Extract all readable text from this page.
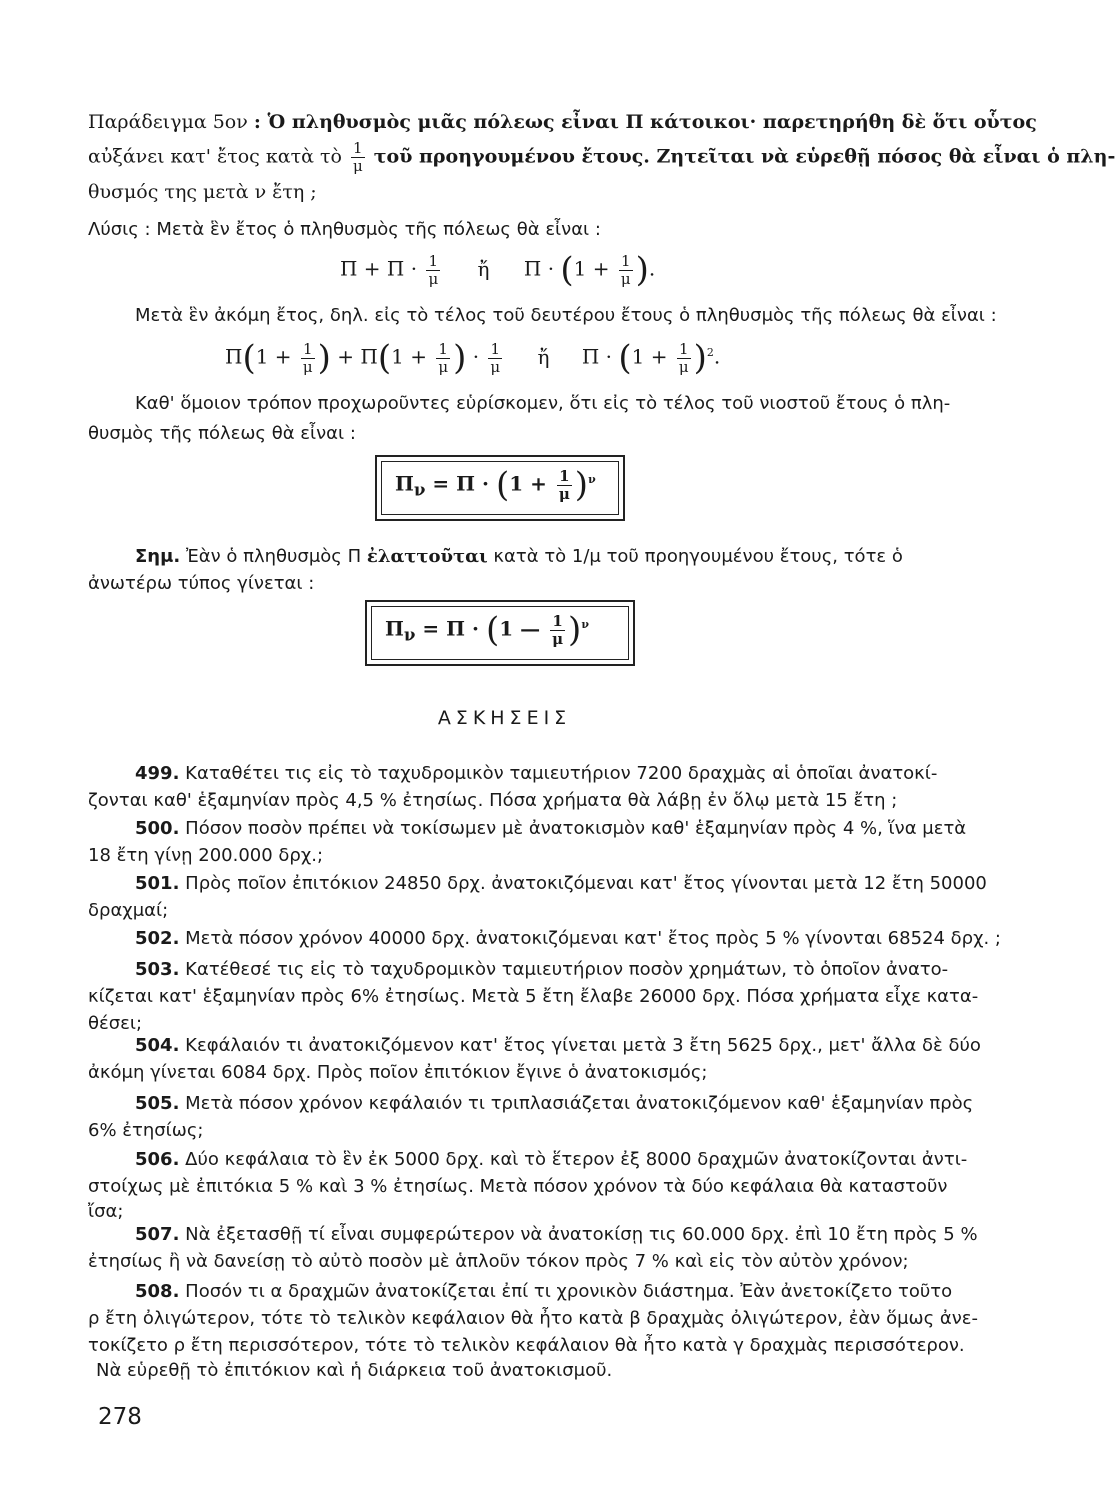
Παράδειγμα 5ον : Ὁ πληθυσμὸς μιᾶς πόλεως εἶναι Π κάτοικοι· παρετηρήθη δὲ ὅτι οὗτος
αὐξάνει κατ' ἔτος κατὰ τὸ $\frac{1}{\mu}$ τοῦ προηγουμένου ἔτους. Ζητεῖται νὰ εὑρεθῇ πόσος θὰ εἶναι ὁ πλη-
θυσμός της μετὰ ν ἔτη ;
Λύσις : Μετὰ ἓν ἔτος ὁ πληθυσμὸς τῆς πόλεως θὰ εἶναι :
$\Pi + \Pi \cdot \frac{1}{\mu}$ ἤ $\Pi \cdot (1 + \frac{1}{\mu}$ ).
Μετὰ ἓν ἀκόμη ἔτος, δηλ. εἰς τὸ τέλος τοῦ δευτέρου ἔτους ὁ πληθυσμὸς τῆς πόλεως θὰ εἶναι :
$\Pi(1 + \frac{1}{\mu}$ ) + $\Pi(1 + \frac{1}{\mu}$ ) · $\frac{1}{\mu}$ ἤ $\Pi \cdot (1 + \frac{1}{\mu} )^2$.
Καθ' ὅμοιον τρόπον προχωροῦντες εὑρίσκομεν, ὅτι εἰς τὸ τέλος τοῦ νιοστοῦ ἔτους ὁ πλη-
θυσμὸς τῆς πόλεως θὰ εἶναι :
$\Pi_\nu = \Pi \cdot (1 + \frac{1}{\mu} )^\nu$
Σημ. Ἐὰν ὁ πληθυσμὸς Π ἐλαττοῦται κατὰ τὸ 1/μ τοῦ προηγουμένου ἔτους, τότε ὁ
ἀνωτέρω τύπος γίνεται :
$\Pi_\nu = \Pi \cdot (1$ — $\frac{1}{\mu} )^\nu$
ΑΣΚΗΣΕΙΣ
499. Καταθέτει τις εἰς τὸ ταχυδρομικὸν ταμιευτήριον 7200 δραχμὰς αἱ ὁποῖαι ἀνατοκί-
ζονται καθ' ἑξαμηνίαν πρὸς 4,5 % ἐτησίως. Πόσα χρήματα θὰ λάβῃ ἐν ὅλῳ μετὰ 15 ἔτη ;
500. Πόσον ποσὸν πρέπει νὰ τοκίσωμεν μὲ ἀνατοκισμὸν καθ' ἑξαμηνίαν πρὸς 4 %, ἵνα μετὰ
18 ἔτη γίνῃ 200.000 δρχ.;
501. Πρὸς ποῖον ἐπιτόκιον 24850 δρχ. ἀνατοκιζόμεναι κατ' ἔτος γίνονται μετὰ 12 ἔτη 50000
δραχμαί;
502. Μετὰ πόσον χρόνον 40000 δρχ. ἀνατοκιζόμεναι κατ' ἔτος πρὸς 5 % γίνονται 68524 δρχ. ;
503. Κατέθεσέ τις εἰς τὸ ταχυδρομικὸν ταμιευτήριον ποσὸν χρημάτων, τὸ ὁποῖον ἀνατο-
κίζεται κατ' ἑξαμηνίαν πρὸς 6% ἐτησίως. Μετὰ 5 ἔτη ἔλαβε 26000 δρχ. Πόσα χρήματα εἶχε κατα-
θέσει;
504. Κεφάλαιόν τι ἀνατοκιζόμενον κατ' ἔτος γίνεται μετὰ 3 ἔτη 5625 δρχ., μετ' ἄλλα δὲ δύο
ἀκόμη γίνεται 6084 δρχ. Πρὸς ποῖον ἐπιτόκιον ἔγινε ὁ ἀνατοκισμός;
505. Μετὰ πόσον χρόνον κεφάλαιόν τι τριπλασιάζεται ἀνατοκιζόμενον καθ' ἑξαμηνίαν πρὸς
6% ἐτησίως;
506. Δύο κεφάλαια τὸ ἓν ἐκ 5000 δρχ. καὶ τὸ ἕτερον ἐξ 8000 δραχμῶν ἀνατοκίζονται ἀντι-
στοίχως μὲ ἐπιτόκια 5 % καὶ 3 % ἐτησίως. Μετὰ πόσον χρόνον τὰ δύο κεφάλαια θὰ καταστοῦν
ἴσα;
507. Νὰ ἐξετασθῇ τί εἶναι συμφερώτερον νὰ ἀνατοκίσῃ τις 60.000 δρχ. ἐπὶ 10 ἔτη πρὸς 5 %
ἐτησίως ἢ νὰ δανείσῃ τὸ αὐτὸ ποσὸν μὲ ἁπλοῦν τόκον πρὸς 7 % καὶ εἰς τὸν αὐτὸν χρόνον;
508. Ποσόν τι α δραχμῶν ἀνατοκίζεται ἐπί τι χρονικὸν διάστημα. Ἐὰν ἀνετοκίζετο τοῦτο
ρ ἔτη ὀλιγώτερον, τότε τὸ τελικὸν κεφάλαιον θὰ ἦτο κατὰ β δραχμὰς ὀλιγώτερον, ἐὰν ὅμως ἀνε-
τοκίζετο ρ ἔτη περισσότερον, τότε τὸ τελικὸν κεφάλαιον θὰ ἦτο κατὰ γ δραχμὰς περισσότερον.
Νὰ εὑρεθῇ τὸ ἐπιτόκιον καὶ ἡ διάρκεια τοῦ ἀνατοκισμοῦ.
278
